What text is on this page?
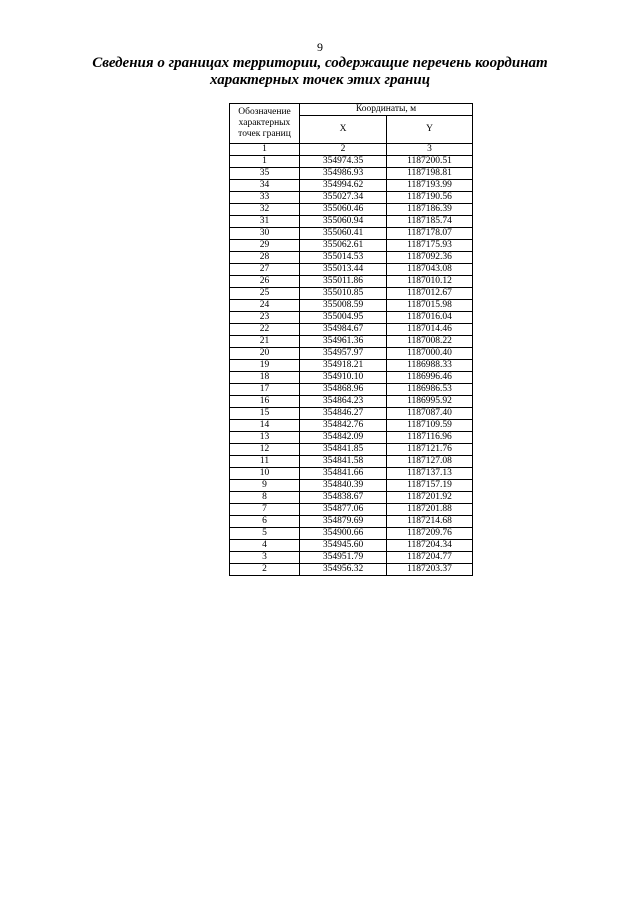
9
Сведения о границах территории, содержащие перечень координат
характерных точек этих границ
Обозначение характерных точек границ	Координаты, м	
	X	Y
1	2	3
1	354974.35	1187200.51
35	354986.93	1187198.81
34	354994.62	1187193.99
33	355027.34	1187190.56
32	355060.46	1187186.39
31	355060.94	1187185.74
30	355060.41	1187178.07
29	355062.61	1187175.93
28	355014.53	1187092.36
27	355013.44	1187043.08
26	355011.86	1187010.12
25	355010.85	1187012.67
24	355008.59	1187015.98
23	355004.95	1187016.04
22	354984.67	1187014.46
21	354961.36	1187008.22
20	354957.97	1187000.40
19	354918.21	1186988.33
18	354910.10	1186996.46
17	354868.96	1186986.53
16	354864.23	1186995.92
15	354846.27	1187087.40
14	354842.76	1187109.59
13	354842.09	1187116.96
12	354841.85	1187121.76
11	354841.58	1187127.08
10	354841.66	1187137.13
9	354840.39	1187157.19
8	354838.67	1187201.92
7	354877.06	1187201.88
6	354879.69	1187214.68
5	354900.66	1187209.76
4	354945.60	1187204.34
3	354951.79	1187204.77
2	354956.32	1187203.37
